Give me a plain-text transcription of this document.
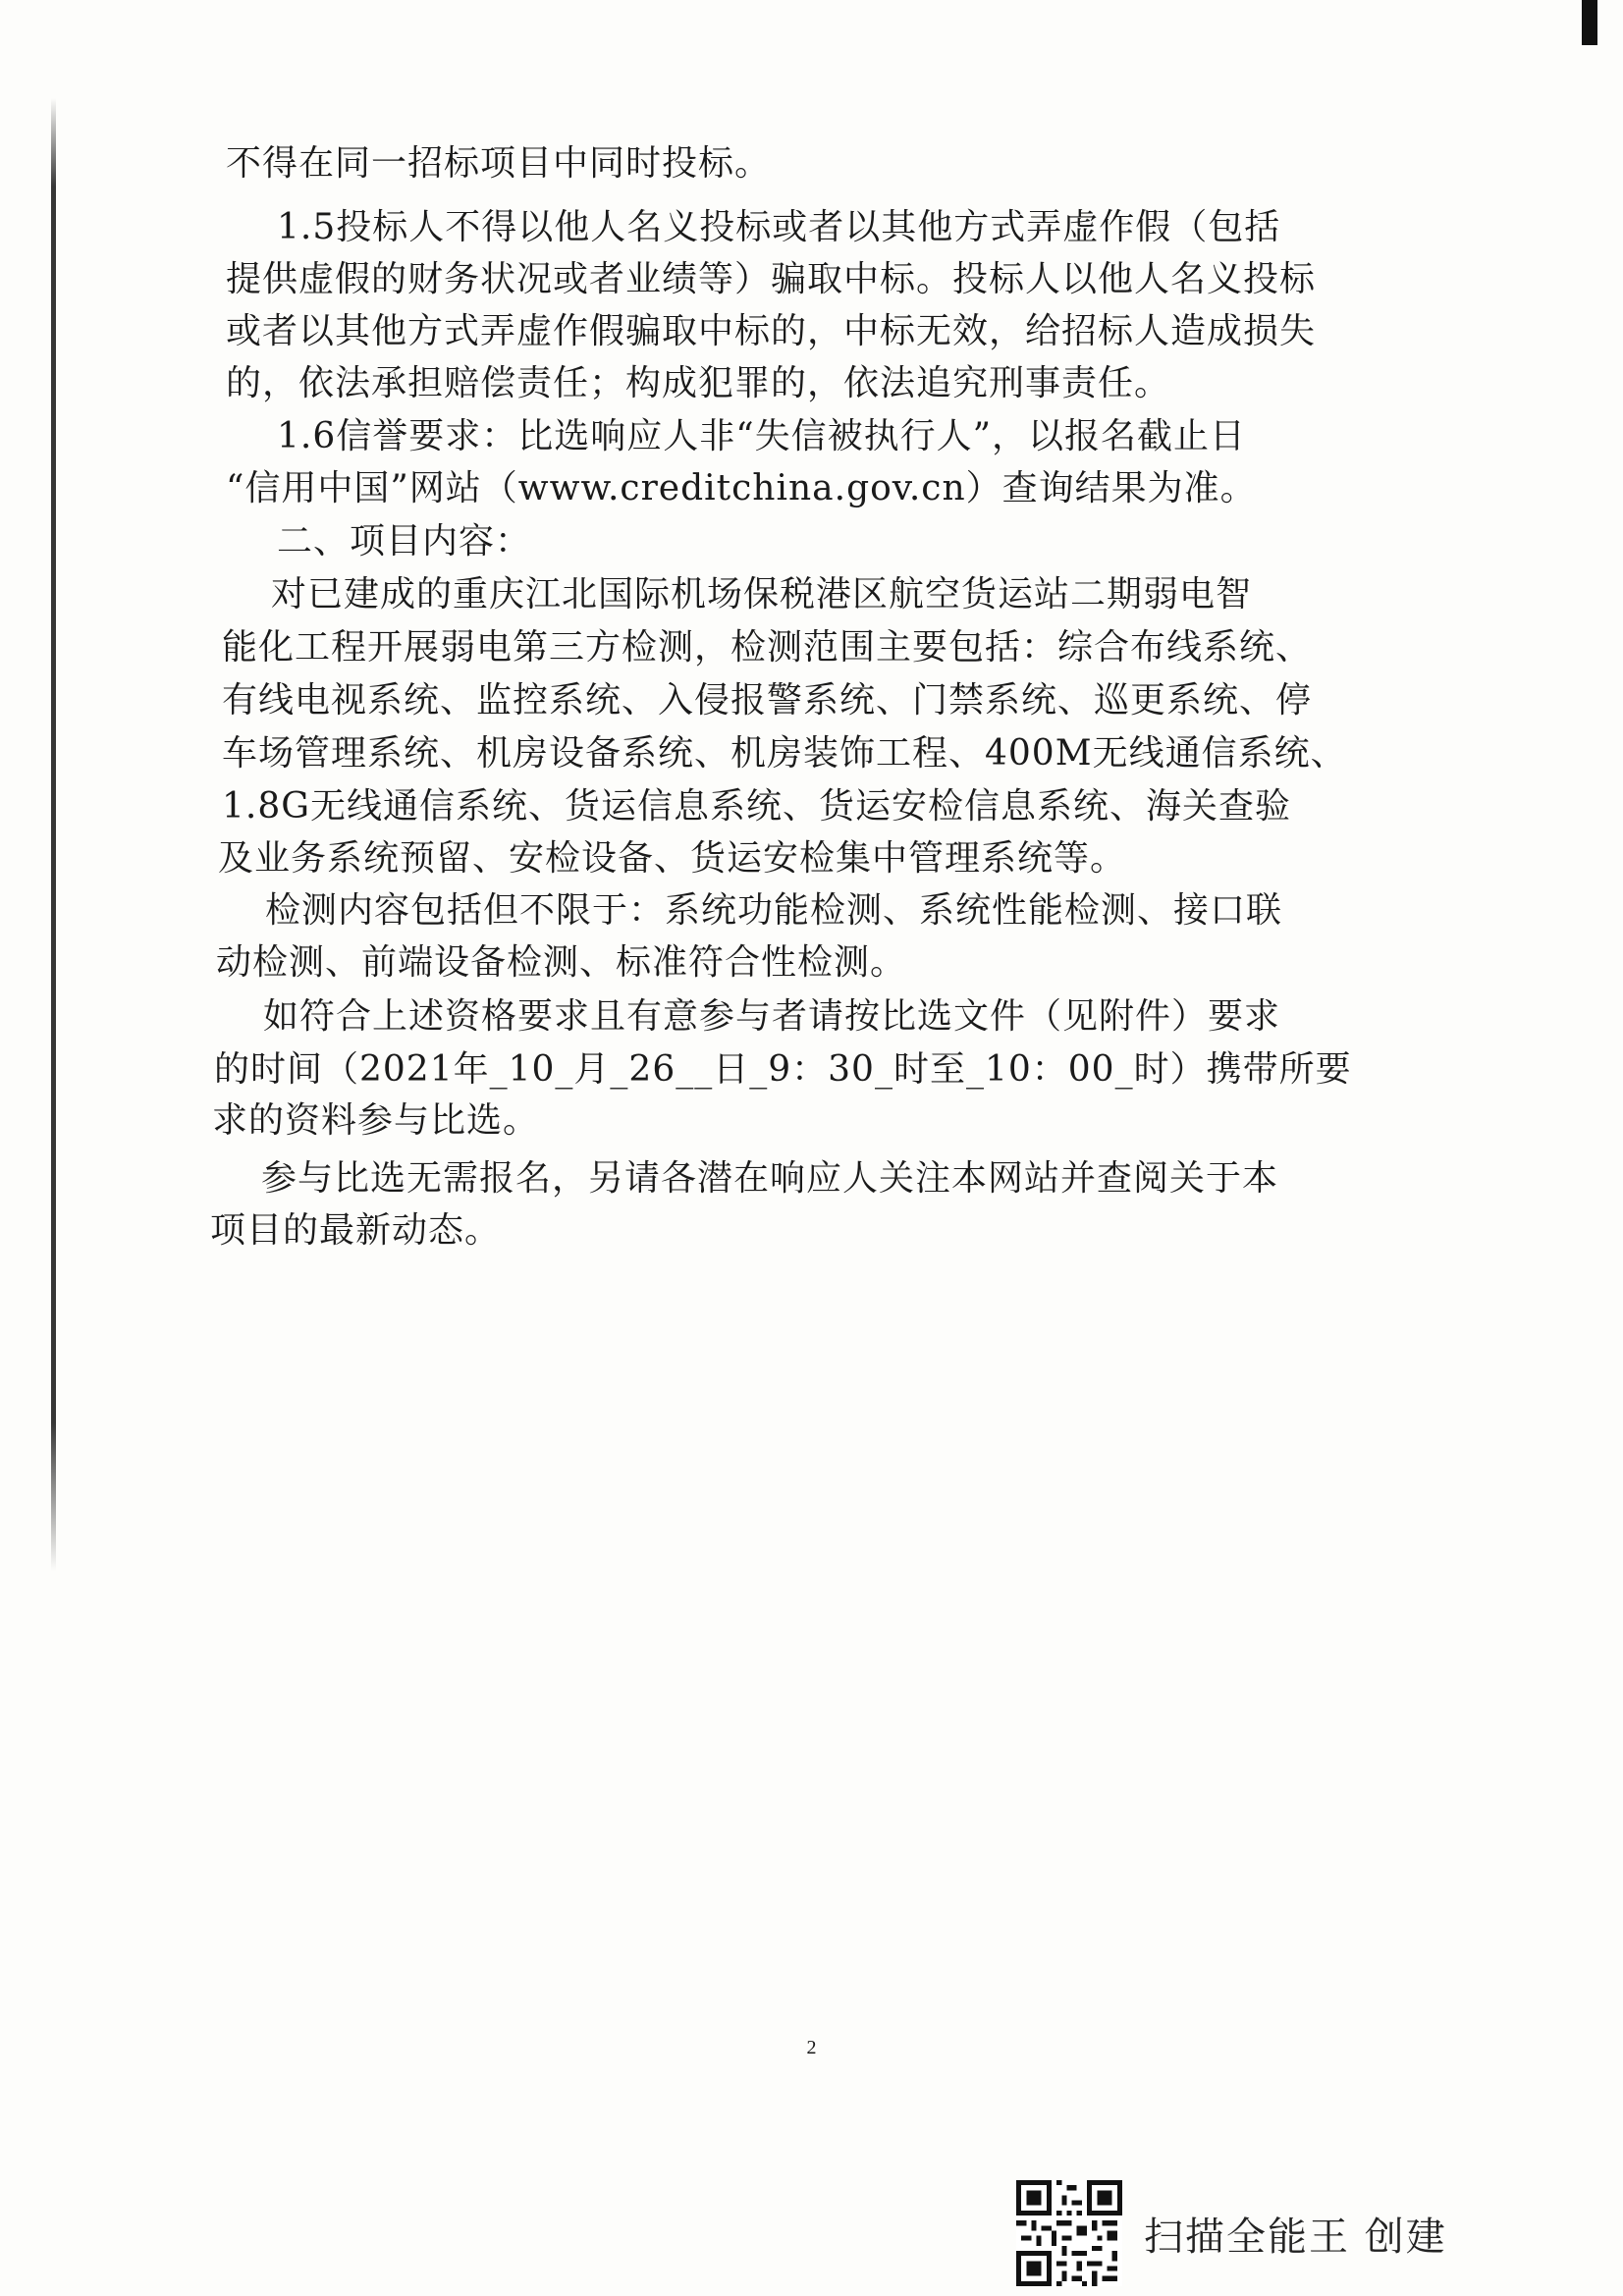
不得在同一招标项目中同时投标。
1.5投标人不得以他人名义投标或者以其他方式弄虚作假（包括
提供虚假的财务状况或者业绩等）骗取中标。投标人以他人名义投标
或者以其他方式弄虚作假骗取中标的，中标无效，给招标人造成损失
的，依法承担赔偿责任；构成犯罪的，依法追究刑事责任。
1.6信誉要求：比选响应人非“失信被执行人”，以报名截止日
“信用中国”网站（www.creditchina.gov.cn）查询结果为准。
二、项目内容：
对已建成的重庆江北国际机场保税港区航空货运站二期弱电智
能化工程开展弱电第三方检测，检测范围主要包括：综合布线系统、
有线电视系统、监控系统、入侵报警系统、门禁系统、巡更系统、停
车场管理系统、机房设备系统、机房装饰工程、400M无线通信系统、
1.8G无线通信系统、货运信息系统、货运安检信息系统、海关查验
及业务系统预留、安检设备、货运安检集中管理系统等。
检测内容包括但不限于：系统功能检测、系统性能检测、接口联
动检测、前端设备检测、标准符合性检测。
如符合上述资格要求且有意参与者请按比选文件（见附件）要求
的时间（2021年_10_月_26__日_9：30_时至_10：00_时）携带所要
求的资料参与比选。
参与比选无需报名，另请各潜在响应人关注本网站并查阅关于本
项目的最新动态。
2
扫描全能王 创建
